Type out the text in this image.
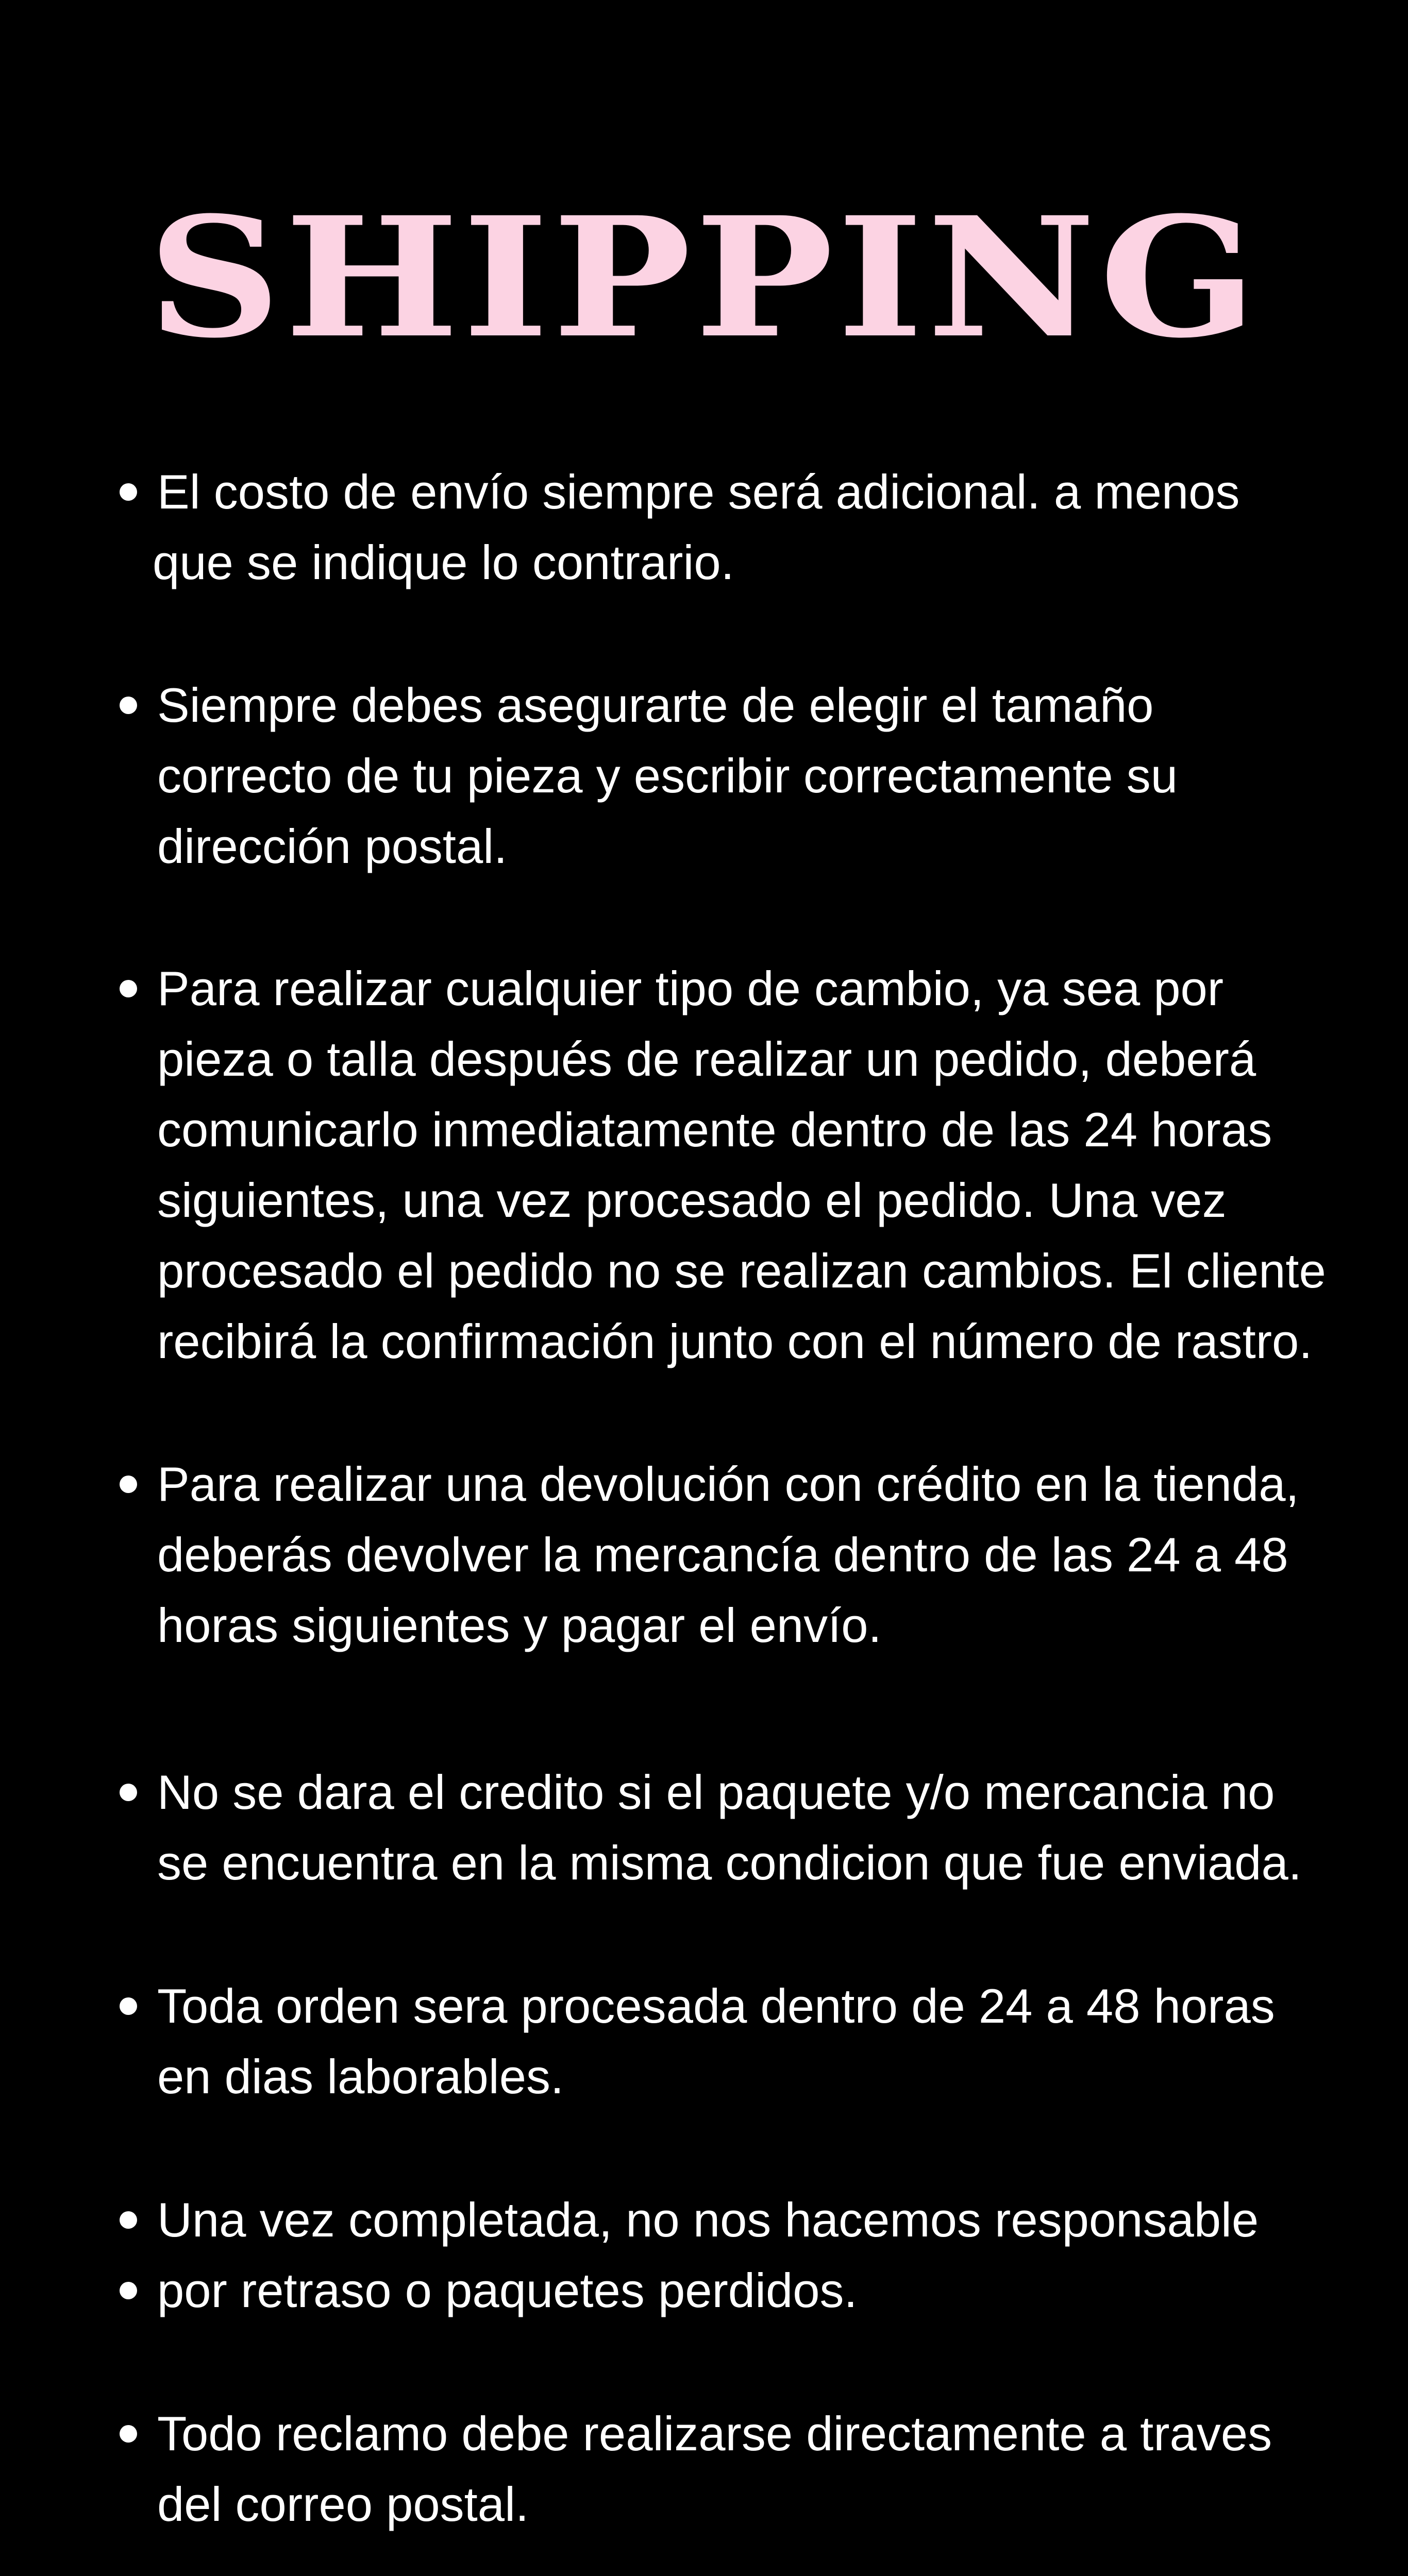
SHIPPING
El costo de envío siempre será adicional. a menos
que se indique lo contrario.
Siempre debes asegurarte de elegir el tamaño
correcto de tu pieza y escribir correctamente su
dirección postal.
Para realizar cualquier tipo de cambio, ya sea por
pieza o talla después de realizar un pedido, deberá
comunicarlo inmediatamente dentro de las 24 horas
siguientes, una vez procesado el pedido. Una vez
procesado el pedido no se realizan cambios. El cliente
recibirá la confirmación junto con el número de rastro.
Para realizar una devolución con crédito en la tienda,
deberás devolver la mercancía dentro de las 24 a 48
horas siguientes y pagar el envío.
No se dara el credito si el paquete y/o mercancia no
se encuentra en la misma condicion que fue enviada.
Toda orden sera procesada dentro de 24 a 48 horas
en dias laborables.
Una vez completada, no nos hacemos responsable
por retraso o paquetes perdidos.
Todo reclamo debe realizarse directamente a traves
del correo postal.
